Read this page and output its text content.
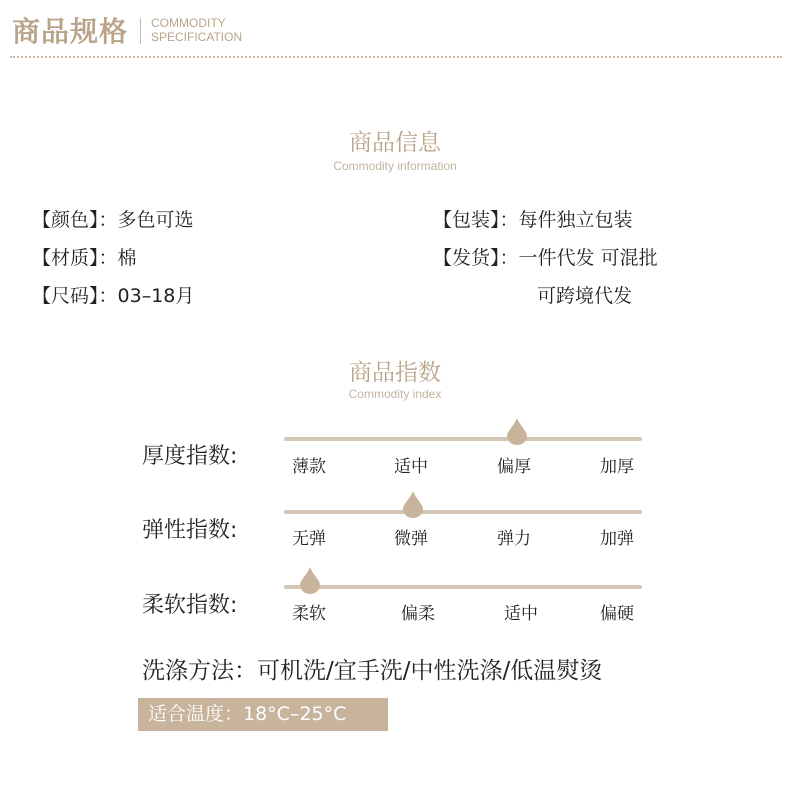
商品规格 COMMODITY
SPECIFICATION
商品信息
Commodity information
【颜色】：多色可选
【材质】：棉
【尺码】：03–18月
【包装】：每件独立包装
【发货】：一件代发 可混批
可跨境代发
商品指数
Commodity index
厚度指数:	薄款	适中	偏厚	加厚
弹性指数:	无弹	微弹	弹力	加弹
柔软指数:	柔软	偏柔	适中	偏硬
洗涤方法：可机洗/宜手洗/中性洗涤/低温熨烫
适合温度：18°C–25°C
